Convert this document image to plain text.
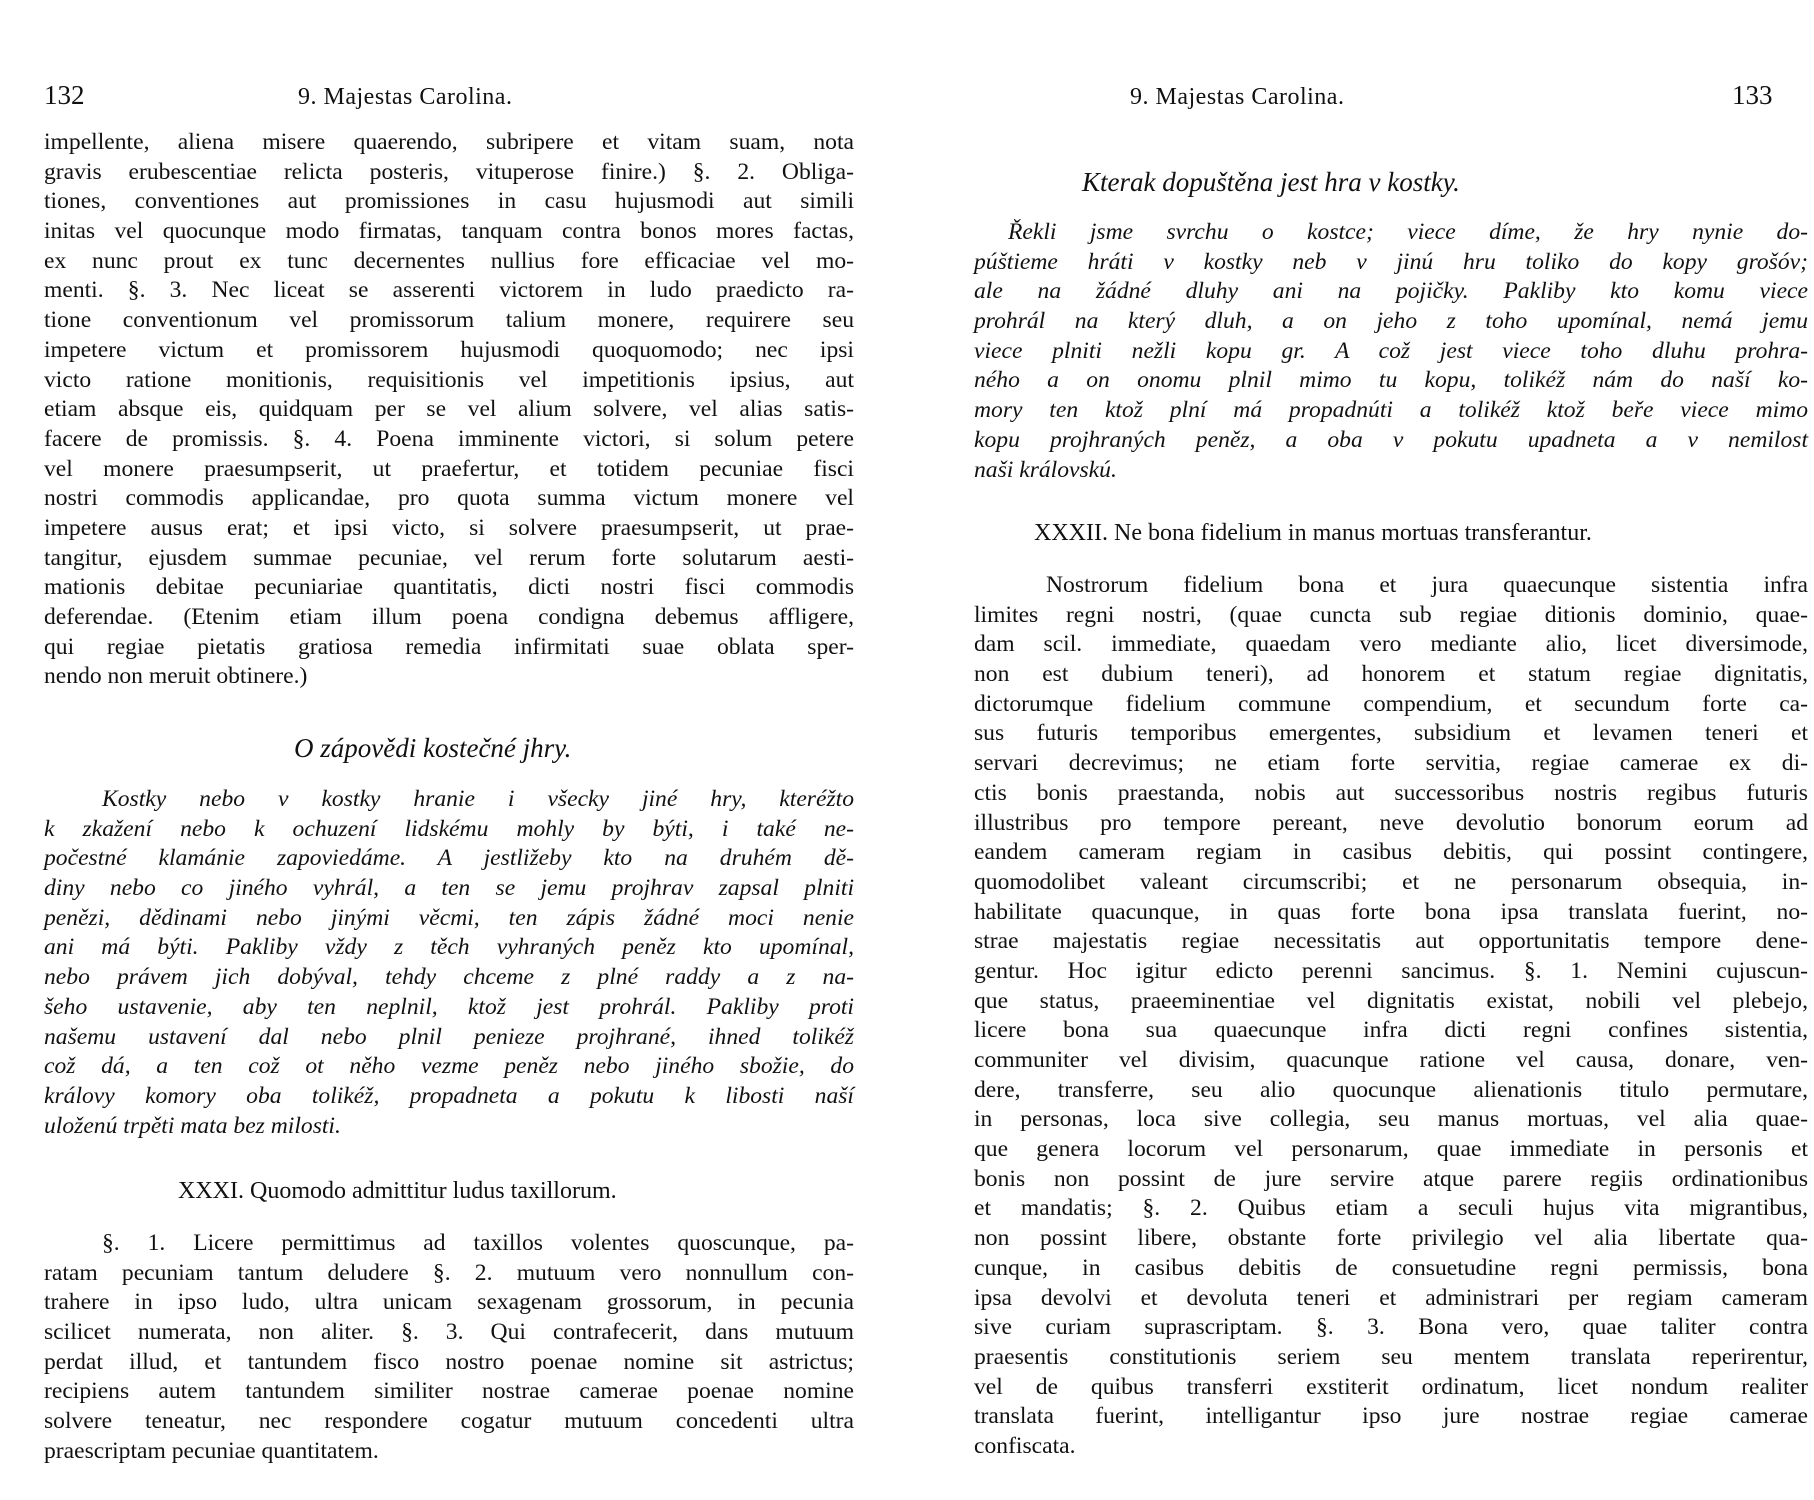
132	9. Majestas Carolina.
impellente, aliena misere quaerendo, subripere et vitam suam, nota
gravis erubescentiae relicta posteris, vituperose finire.) §. 2. Obliga-
tiones, conventiones aut promissiones in casu hujusmodi aut simili
initas vel quocunque modo firmatas, tanquam contra bonos mores factas,
ex nunc prout ex tunc decernentes nullius fore efficaciae vel mo-
menti. §. 3. Nec liceat se asserenti victorem in ludo praedicto ra-
tione conventionum vel promissorum talium monere, requirere seu
impetere victum et promissorem hujusmodi quoquomodo; nec ipsi
victo ratione monitionis, requisitionis vel impetitionis ipsius, aut
etiam absque eis, quidquam per se vel alium solvere, vel alias satis-
facere de promissis. §. 4. Poena imminente victori, si solum petere
vel monere praesumpserit, ut praefertur, et totidem pecuniae fisci
nostri commodis applicandae, pro quota summa victum monere vel
impetere ausus erat; et ipsi victo, si solvere praesumpserit, ut prae-
tangitur, ejusdem summae pecuniae, vel rerum forte solutarum aesti-
mationis debitae pecuniariae quantitatis, dicti nostri fisci commodis
deferendae. (Etenim etiam illum poena condigna debemus affligere,
qui regiae pietatis gratiosa remedia infirmitati suae oblata sper-
nendo non meruit obtinere.)
O zápovědi kostečné jhry.
Kostky nebo v kostky hranie i všecky jiné hry, kteréžto
k zkažení nebo k ochuzení lidskému mohly by býti, i také ne-
počestné klamánie zapoviedáme. A jestližeby kto na druhém dě-
diny nebo co jiného vyhrál, a ten se jemu projhrav zapsal plniti
penězi, dědinami nebo jinými věcmi, ten zápis žádné moci nenie
ani má býti. Pakliby vždy z těch vyhraných peněz kto upomínal,
nebo právem jich dobýval, tehdy chceme z plné raddy a z na-
šeho ustavenie, aby ten neplnil, ktož jest prohrál. Pakliby proti
našemu ustavení dal nebo plnil penieze projhrané, ihned tolikéž
což dá, a ten což ot něho vezme peněz nebo jiného sbožie, do
královy komory oba tolikéž, propadneta a pokutu k libosti naší
uloženú trpěti mata bez milosti.
XXXI. Quomodo admittitur ludus taxillorum.
§. 1. Licere permittimus ad taxillos volentes quoscunque, pa-
ratam pecuniam tantum deludere §. 2. mutuum vero nonnullum con-
trahere in ipso ludo, ultra unicam sexagenam grossorum, in pecunia
scilicet numerata, non aliter. §. 3. Qui contrafecerit, dans mutuum
perdat illud, et tantundem fisco nostro poenae nomine sit astrictus;
recipiens autem tantundem similiter nostrae camerae poenae nomine
solvere teneatur, nec respondere cogatur mutuum concedenti ultra
praescriptam pecuniae quantitatem.
9. Majestas Carolina.	133
Kterak dopuštěna jest hra v kostky.
Řekli jsme svrchu o kostce; viece díme, že hry nynie do-
púštieme hráti v kostky neb v jinú hru toliko do kopy grošóv;
ale na žádné dluhy ani na pojičky. Pakliby kto komu viece
prohrál na který dluh, a on jeho z toho upomínal, nemá jemu
viece plniti nežli kopu gr. A což jest viece toho dluhu prohra-
ného a on onomu plnil mimo tu kopu, tolikéž nám do naší ko-
mory ten ktož plní má propadnúti a tolikéž ktož beře viece mimo
kopu projhraných peněz, a oba v pokutu upadneta a v nemilost
naši královskú.
XXXII. Ne bona fidelium in manus mortuas transferantur.
Nostrorum fidelium bona et jura quaecunque sistentia infra
limites regni nostri, (quae cuncta sub regiae ditionis dominio, quae-
dam scil. immediate, quaedam vero mediante alio, licet diversimode,
non est dubium teneri), ad honorem et statum regiae dignitatis,
dictorumque fidelium commune compendium, et secundum forte ca-
sus futuris temporibus emergentes, subsidium et levamen teneri et
servari decrevimus; ne etiam forte servitia, regiae camerae ex di-
ctis bonis praestanda, nobis aut successoribus nostris regibus futuris
illustribus pro tempore pereant, neve devolutio bonorum eorum ad
eandem cameram regiam in casibus debitis, qui possint contingere,
quomodolibet valeant circumscribi; et ne personarum obsequia, in-
habilitate quacunque, in quas forte bona ipsa translata fuerint, no-
strae majestatis regiae necessitatis aut opportunitatis tempore dene-
gentur. Hoc igitur edicto perenni sancimus. §. 1. Nemini cujuscun-
que status, praeeminentiae vel dignitatis existat, nobili vel plebejo,
licere bona sua quaecunque infra dicti regni confines sistentia,
communiter vel divisim, quacunque ratione vel causa, donare, ven-
dere, transferre, seu alio quocunque alienationis titulo permutare,
in personas, loca sive collegia, seu manus mortuas, vel alia quae-
que genera locorum vel personarum, quae immediate in personis et
bonis non possint de jure servire atque parere regiis ordinationibus
et mandatis; §. 2. Quibus etiam a seculi hujus vita migrantibus,
non possint libere, obstante forte privilegio vel alia libertate qua-
cunque, in casibus debitis de consuetudine regni permissis, bona
ipsa devolvi et devoluta teneri et administrari per regiam cameram
sive curiam suprascriptam. §. 3. Bona vero, quae taliter contra
praesentis constitutionis seriem seu mentem translata reperirentur,
vel de quibus transferri exstiterit ordinatum, licet nondum realiter
translata fuerint, intelligantur ipso jure nostrae regiae camerae
confiscata.
